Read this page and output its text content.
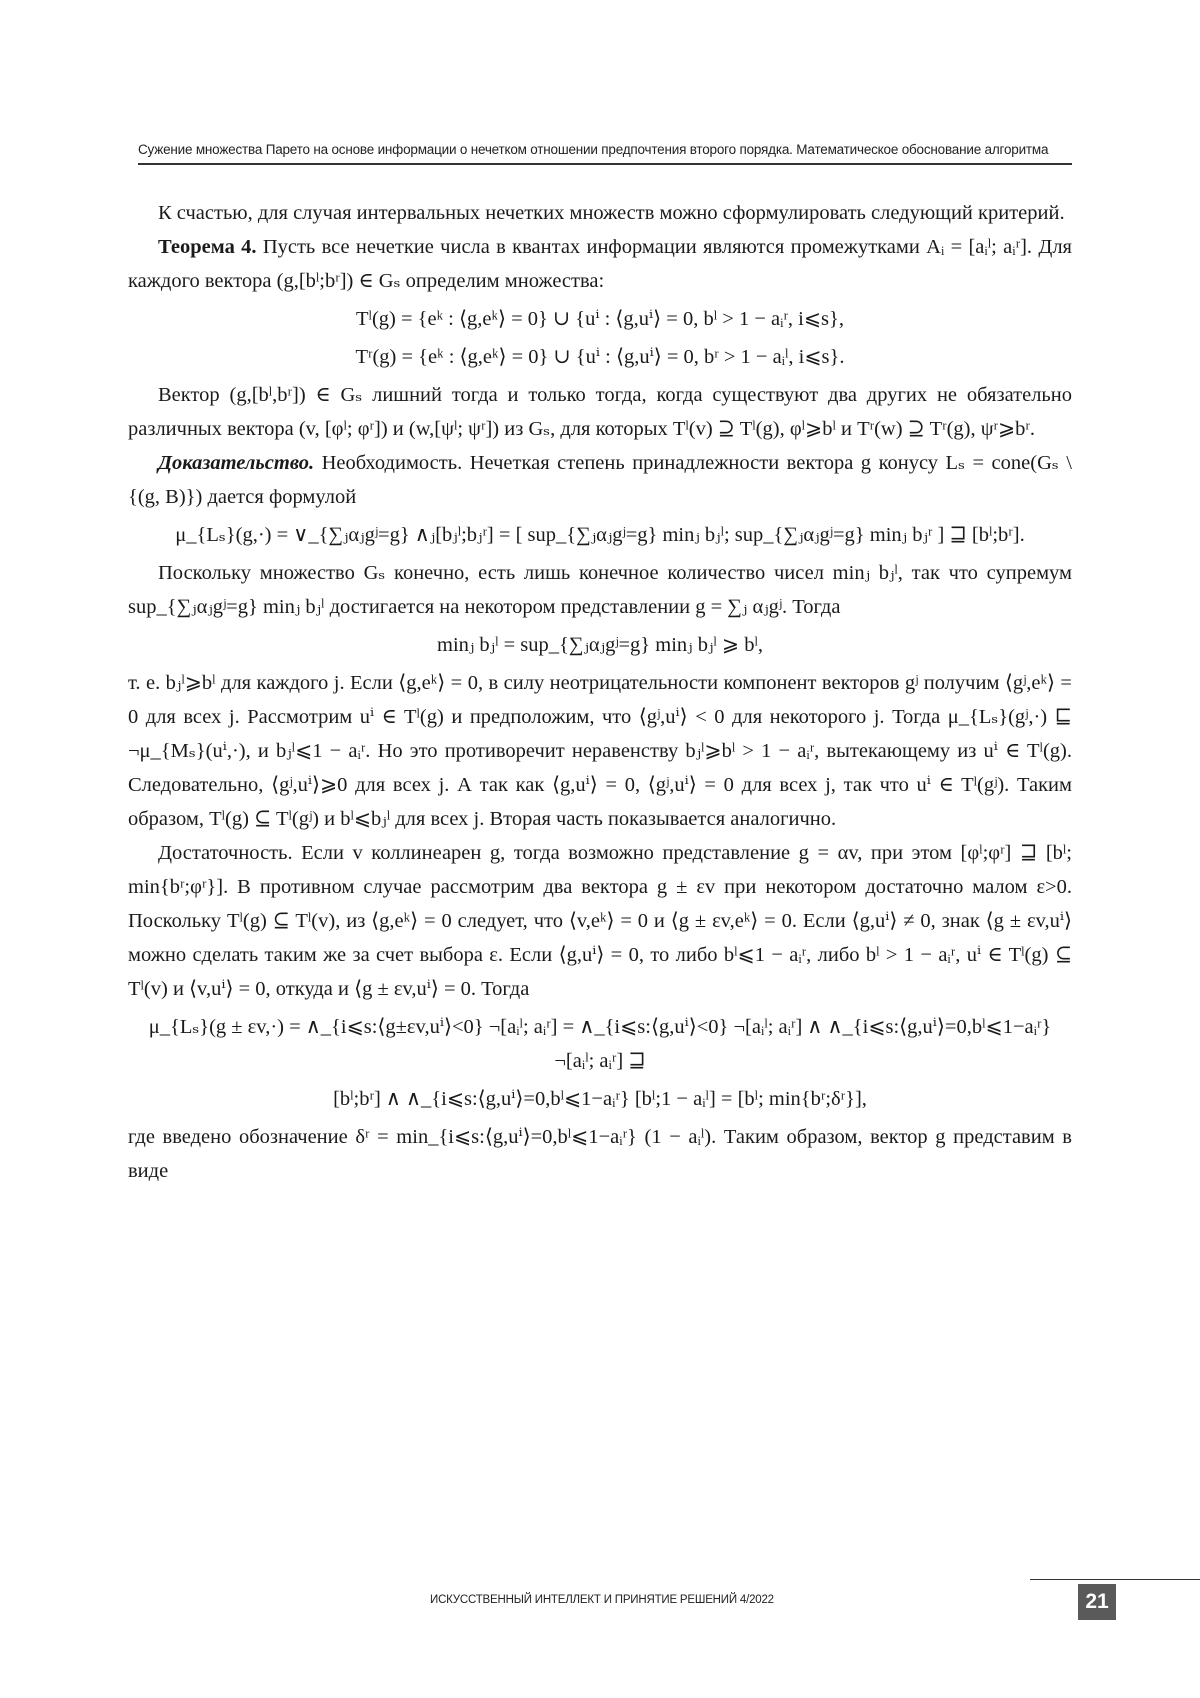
Сужение множества Парето на основе информации о нечетком отношении предпочтения второго порядка. Математическое обоснование алгоритма

К счастью, для случая интервальных нечетких множеств можно сформулировать следующий критерий.

Теорема 4. Пусть все нечеткие числа в квантах информации являются промежутками Aᵢ = [aᵢˡ; aᵢʳ]. Для каждого вектора (g,[bˡ;bʳ]) ∈ Gₛ определим множества:

Tˡ(g) = {eᵏ : ⟨g,eᵏ⟩ = 0} ∪ {uⁱ : ⟨g,uⁱ⟩ = 0, bˡ > 1 − aᵢʳ, i⩽s},
Tʳ(g) = {eᵏ : ⟨g,eᵏ⟩ = 0} ∪ {uⁱ : ⟨g,uⁱ⟩ = 0, bʳ > 1 − aᵢˡ, i⩽s}.

Вектор (g,[bˡ,bʳ]) ∈ Gₛ лишний тогда и только тогда, когда существуют два других не обязательно различных вектора (v, [φˡ; φʳ]) и (w,[ψˡ; ψʳ]) из Gₛ, для которых Tˡ(v) ⊇ Tˡ(g), φˡ⩾bˡ и Tʳ(w) ⊇ Tʳ(g), ψʳ⩾bʳ.

Доказательство. Необходимость. Нечеткая степень принадлежности вектора g конусу Lₛ = cone(Gₛ \ {(g, B)}) дается формулой

μ_{Lₛ}(g,·) = ∨_{∑ⱼαⱼgʲ=g} ∧ⱼ[bⱼˡ;bⱼʳ] = [ sup_{∑ⱼαⱼgʲ=g} minⱼ bⱼˡ; sup_{∑ⱼαⱼgʲ=g} minⱼ bⱼʳ ] ⊒ [bˡ;bʳ].

Поскольку множество Gₛ конечно, есть лишь конечное количество чисел minⱼ bⱼˡ, так что супремум sup_{∑ⱼαⱼgʲ=g} minⱼ bⱼˡ достигается на некотором представлении g = ∑ⱼ αⱼgʲ. Тогда

minⱼ bⱼˡ = sup_{∑ⱼαⱼgʲ=g} minⱼ bⱼˡ ⩾ bˡ,

т. е. bⱼˡ⩾bˡ для каждого j. Если ⟨g,eᵏ⟩ = 0, в силу неотрицательности компонент векторов gʲ получим ⟨gʲ,eᵏ⟩ = 0 для всех j. Рассмотрим uⁱ ∈ Tˡ(g) и предположим, что ⟨gʲ,uⁱ⟩ < 0 для некоторого j. Тогда μ_{Lₛ}(gʲ,·) ⊑ ¬μ_{Mₛ}(uⁱ,·), и bⱼˡ⩽1 − aᵢʳ. Но это противоречит неравенству bⱼˡ⩾bˡ > 1 − aᵢʳ, вытекающему из uⁱ ∈ Tˡ(g). Следовательно, ⟨gʲ,uⁱ⟩⩾0 для всех j. А так как ⟨g,uⁱ⟩ = 0, ⟨gʲ,uⁱ⟩ = 0 для всех j, так что uⁱ ∈ Tˡ(gʲ). Таким образом, Tˡ(g) ⊆ Tˡ(gʲ) и bˡ⩽bⱼˡ для всех j. Вторая часть показывается аналогично.

Достаточность. Если v коллинеарен g, тогда возможно представление g = αv, при этом [φˡ;φʳ] ⊒ [bˡ; min{bʳ;φʳ}]. В противном случае рассмотрим два вектора g ± εv при некотором достаточно малом ε>0. Поскольку Tˡ(g) ⊆ Tˡ(v), из ⟨g,eᵏ⟩ = 0 следует, что ⟨v,eᵏ⟩ = 0 и ⟨g ± εv,eᵏ⟩ = 0. Если ⟨g,uⁱ⟩ ≠ 0, знак ⟨g ± εv,uⁱ⟩ можно сделать таким же за счет выбора ε. Если ⟨g,uⁱ⟩ = 0, то либо bˡ⩽1 − aᵢʳ, либо bˡ > 1 − aᵢʳ, uⁱ ∈ Tˡ(g) ⊆ Tˡ(v) и ⟨v,uⁱ⟩ = 0, откуда и ⟨g ± εv,uⁱ⟩ = 0. Тогда

μ_{Lₛ}(g ± εv,·) = ∧_{i⩽s:⟨g±εv,uⁱ⟩<0} ¬[aᵢˡ; aᵢʳ] = ∧_{i⩽s:⟨g,uⁱ⟩<0} ¬[aᵢˡ; aᵢʳ] ∧ ∧_{i⩽s:⟨g,uⁱ⟩=0,bˡ⩽1−aᵢʳ} ¬[aᵢˡ; aᵢʳ] ⊒
[bˡ;bʳ] ∧ ∧_{i⩽s:⟨g,uⁱ⟩=0,bˡ⩽1−aᵢʳ} [bˡ;1 − aᵢˡ] = [bˡ; min{bʳ;δʳ}],

где введено обозначение δʳ = min_{i⩽s:⟨g,uⁱ⟩=0,bˡ⩽1−aᵢʳ} (1 − aᵢˡ). Таким образом, вектор g представим в виде

ИСКУССТВЕННЫЙ ИНТЕЛЛЕКТ И ПРИНЯТИЕ РЕШЕНИЙ 4/2022	21
